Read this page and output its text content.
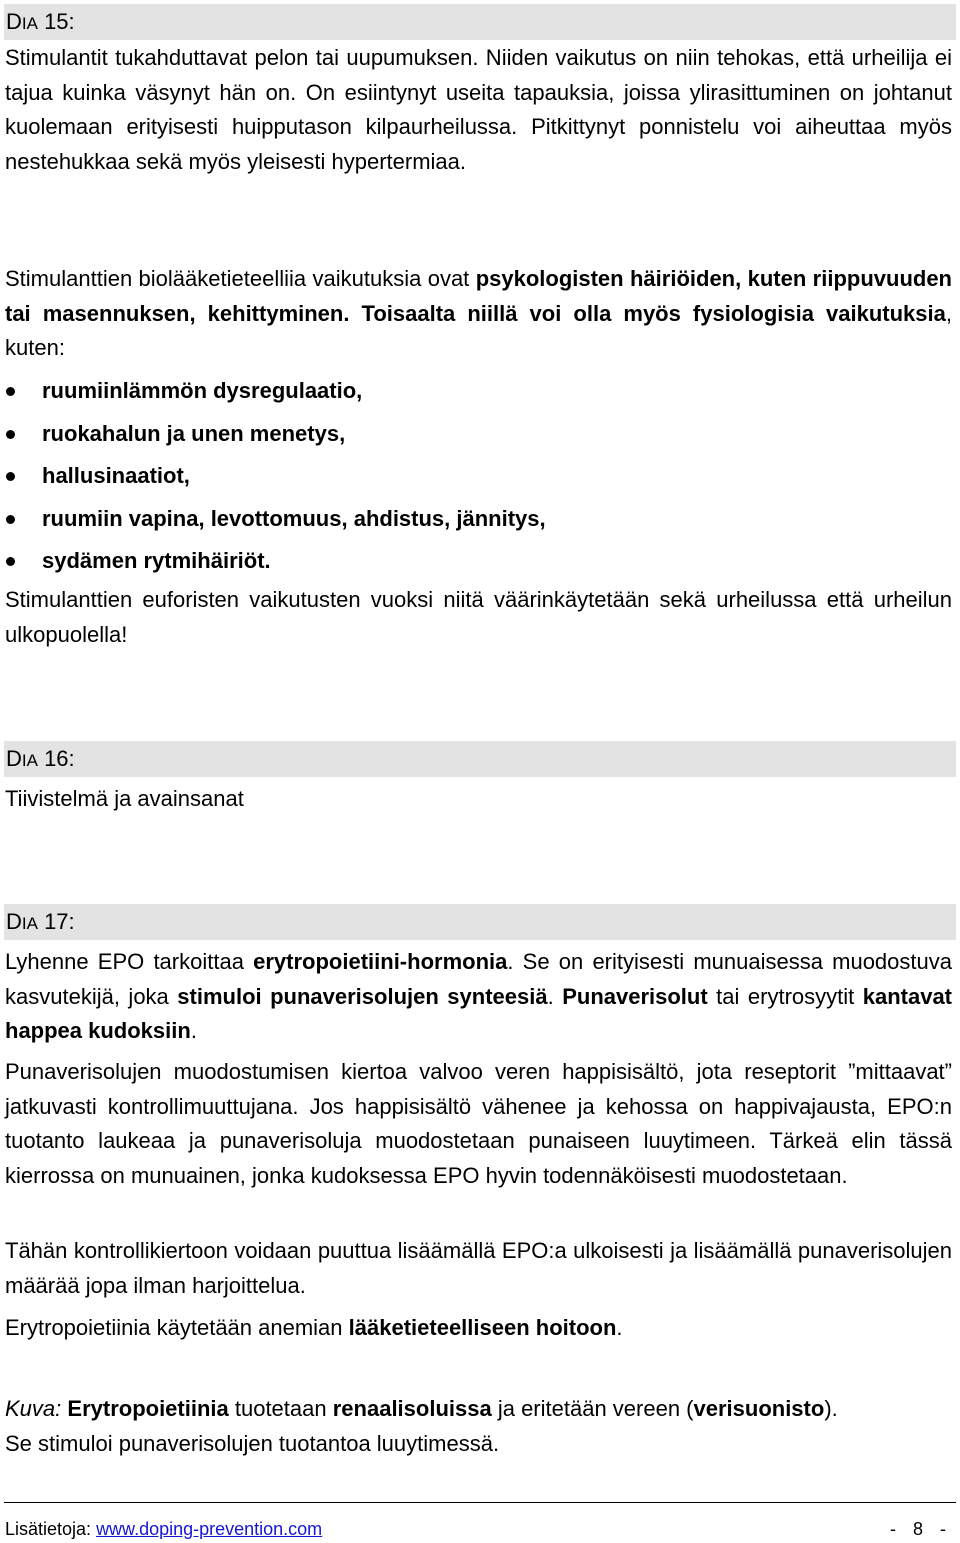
DIA 15:
Stimulantit tukahduttavat pelon tai uupumuksen. Niiden vaikutus on niin tehokas, että urheilija ei tajua kuinka väsynyt hän on. On esiintynyt useita tapauksia, joissa ylirasittuminen on johtanut kuolemaan erityisesti huipputason kilpaurheilussa. Pitkittynyt ponnistelu voi aiheuttaa myös nestehukkaa sekä myös yleisesti hypertermiaa.
Stimulanttien biolääketieteelliia vaikutuksia ovat psykologisten häiriöiden, kuten riippuvuuden tai masennuksen, kehittyminen. Toisaalta niillä voi olla myös fysiologisia vaikutuksia, kuten:
ruumiinlämmön dysregulaatio,
ruokahalun ja unen menetys,
hallusinaatiot,
ruumiin vapina, levottomuus, ahdistus, jännitys,
sydämen rytmihäiriöt.
Stimulanttien euforisten vaikutusten vuoksi niitä väärinkäytetään sekä urheilussa että urheilun ulkopuolella!
DIA 16:
Tiivistelmä ja avainsanat
DIA 17:
Lyhenne EPO tarkoittaa erytropoietiini-hormonia. Se on erityisesti munuaisessa muodostuva kasvutekijä, joka stimuloi punaverisolujen synteesiä. Punaverisolut tai erytrosyytit kantavat happea kudoksiin.
Punaverisolujen muodostumisen kiertoa valvoo veren happisisältö, jota reseptorit ”mittaavat” jatkuvasti kontrollimuuttujana. Jos happisisältö vähenee ja kehossa on happivajausta, EPO:n tuotanto laukeaa ja punaverisoluja muodostetaan punaiseen luuytimeen. Tärkeä elin tässä kierrossa on munuainen, jonka kudoksessa EPO hyvin todennäköisesti muodostetaan.
Tähän kontrollikiertoon voidaan puuttua lisäämällä EPO:a ulkoisesti ja lisäämällä punaverisolujen määrää jopa ilman harjoittelua.
Erytropoietiinia käytetään anemian lääketieteelliseen hoitoon.
Kuva: Erytropoietiinia tuotetaan renaalisoluissa ja eritetään vereen (verisuonisto).
Se stimuloi punaverisolujen tuotantoa luuytimessä.
Lisätietoja: www.doping-prevention.com	- 8 -
